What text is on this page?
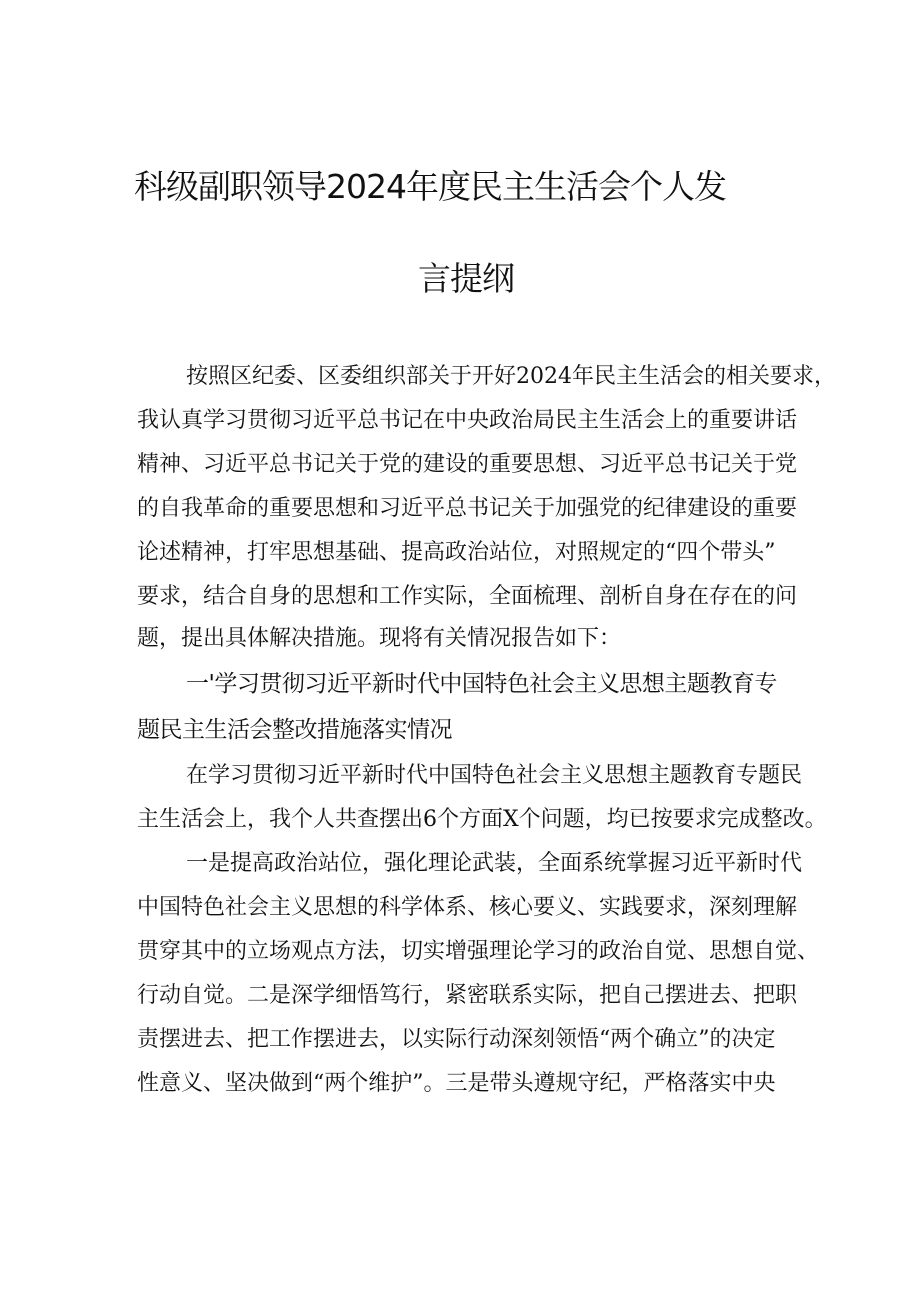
科级副职领导2024年度民主生活会个人发
言提纲
按照区纪委、区委组织部关于开好2024年民主生活会的相关要求，
我认真学习贯彻习近平总书记在中央政治局民主生活会上的重要讲话
精神、习近平总书记关于党的建设的重要思想、习近平总书记关于党
的自我革命的重要思想和习近平总书记关于加强党的纪律建设的重要
论述精神，打牢思想基础、提高政治站位，对照规定的“四个带头”
要求，结合自身的思想和工作实际，全面梳理、剖析自身在存在的问
题，提出具体解决措施。现将有关情况报告如下：
一'学习贯彻习近平新时代中国特色社会主义思想主题教育专
题民主生活会整改措施落实情况
在学习贯彻习近平新时代中国特色社会主义思想主题教育专题民
主生活会上，我个人共查摆出6个方面X个问题，均已按要求完成整改。
一是提高政治站位，强化理论武装，全面系统掌握习近平新时代
中国特色社会主义思想的科学体系、核心要义、实践要求，深刻理解
贯穿其中的立场观点方法，切实增强理论学习的政治自觉、思想自觉、
行动自觉。二是深学细悟笃行，紧密联系实际，把自己摆进去、把职
责摆进去、把工作摆进去，以实际行动深刻领悟“两个确立”的决定
性意义、坚决做到“两个维护”。三是带头遵规守纪，严格落实中央
